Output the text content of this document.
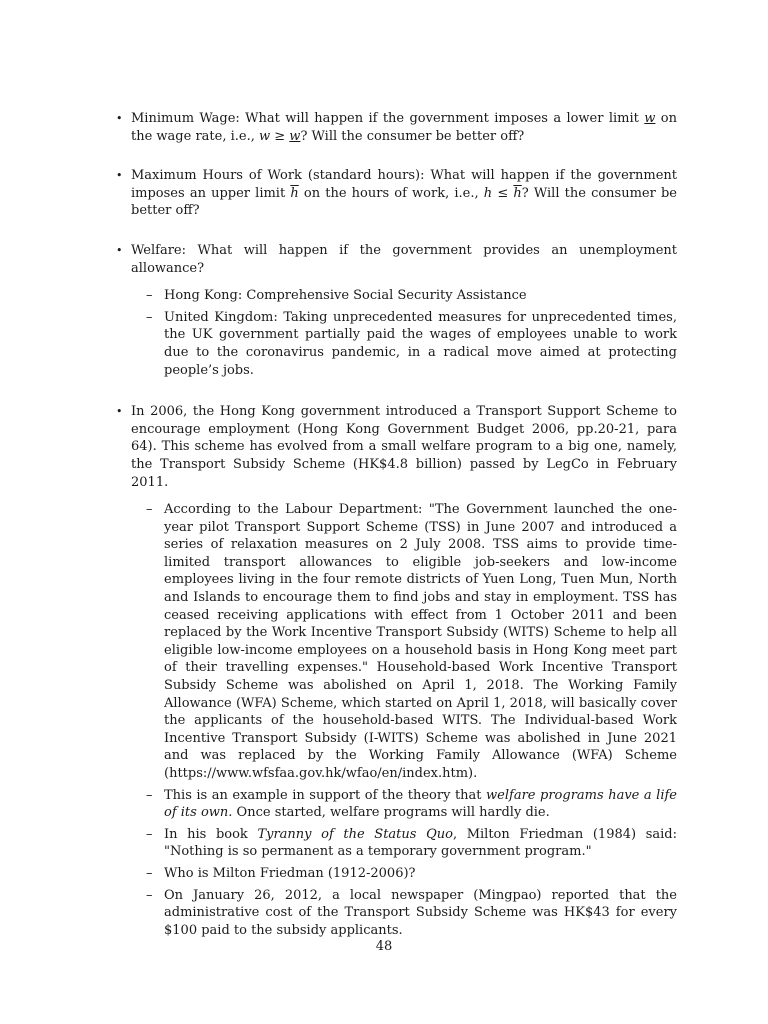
• Minimum Wage: What will happen if the government imposes a lower limit w on the wage rate, i.e., w ≥ w? Will the consumer be better off?
• Maximum Hours of Work (standard hours): What will happen if the government imposes an upper limit $\overline{h}$ on the hours of work, i.e., $h \le \overline{h}$? Will the consumer be better off?
• Welfare: What will happen if the government provides an unemployment allowance?
– Hong Kong: Comprehensive Social Security Assistance
– United Kingdom: Taking unprecedented measures for unprecedented times, the UK government partially paid the wages of employees unable to work due to the coronavirus pandemic, in a radical move aimed at protecting people’s jobs.
• In 2006, the Hong Kong government introduced a Transport Support Scheme to encourage employment (Hong Kong Government Budget 2006, pp.20-21, para 64). This scheme has evolved from a small welfare program to a big one, namely, the Transport Subsidy Scheme (HK$4.8 billion) passed by LegCo in February 2011.
– According to the Labour Department: "The Government launched the one-year pilot Transport Support Scheme (TSS) in June 2007 and introduced a series of relaxation measures on 2 July 2008. TSS aims to provide time-limited transport allowances to eligible job-seekers and low-income employees living in the four remote districts of Yuen Long, Tuen Mun, North and Islands to encourage them to find jobs and stay in employment. TSS has ceased receiving applications with effect from 1 October 2011 and been replaced by the Work Incentive Transport Subsidy (WITS) Scheme to help all eligible low-income employees on a household basis in Hong Kong meet part of their travelling expenses." Household-based Work Incentive Transport Subsidy Scheme was abolished on April 1, 2018. The Working Family Allowance (WFA) Scheme, which started on April 1, 2018, will basically cover the applicants of the household-based WITS. The Individual-based Work Incentive Transport Subsidy (I-WITS) Scheme was abolished in June 2021 and was replaced by the Working Family Allowance (WFA) Scheme (https://www.wfsfaa.gov.hk/wfao/en/index.htm).
– This is an example in support of the theory that welfare programs have a life of its own. Once started, welfare programs will hardly die.
– In his book Tyranny of the Status Quo, Milton Friedman (1984) said: "Nothing is so permanent as a temporary government program."
– Who is Milton Friedman (1912-2006)?
– On January 26, 2012, a local newspaper (Mingpao) reported that the administrative cost of the Transport Subsidy Scheme was HK$43 for every $100 paid to the subsidy applicants.
48
